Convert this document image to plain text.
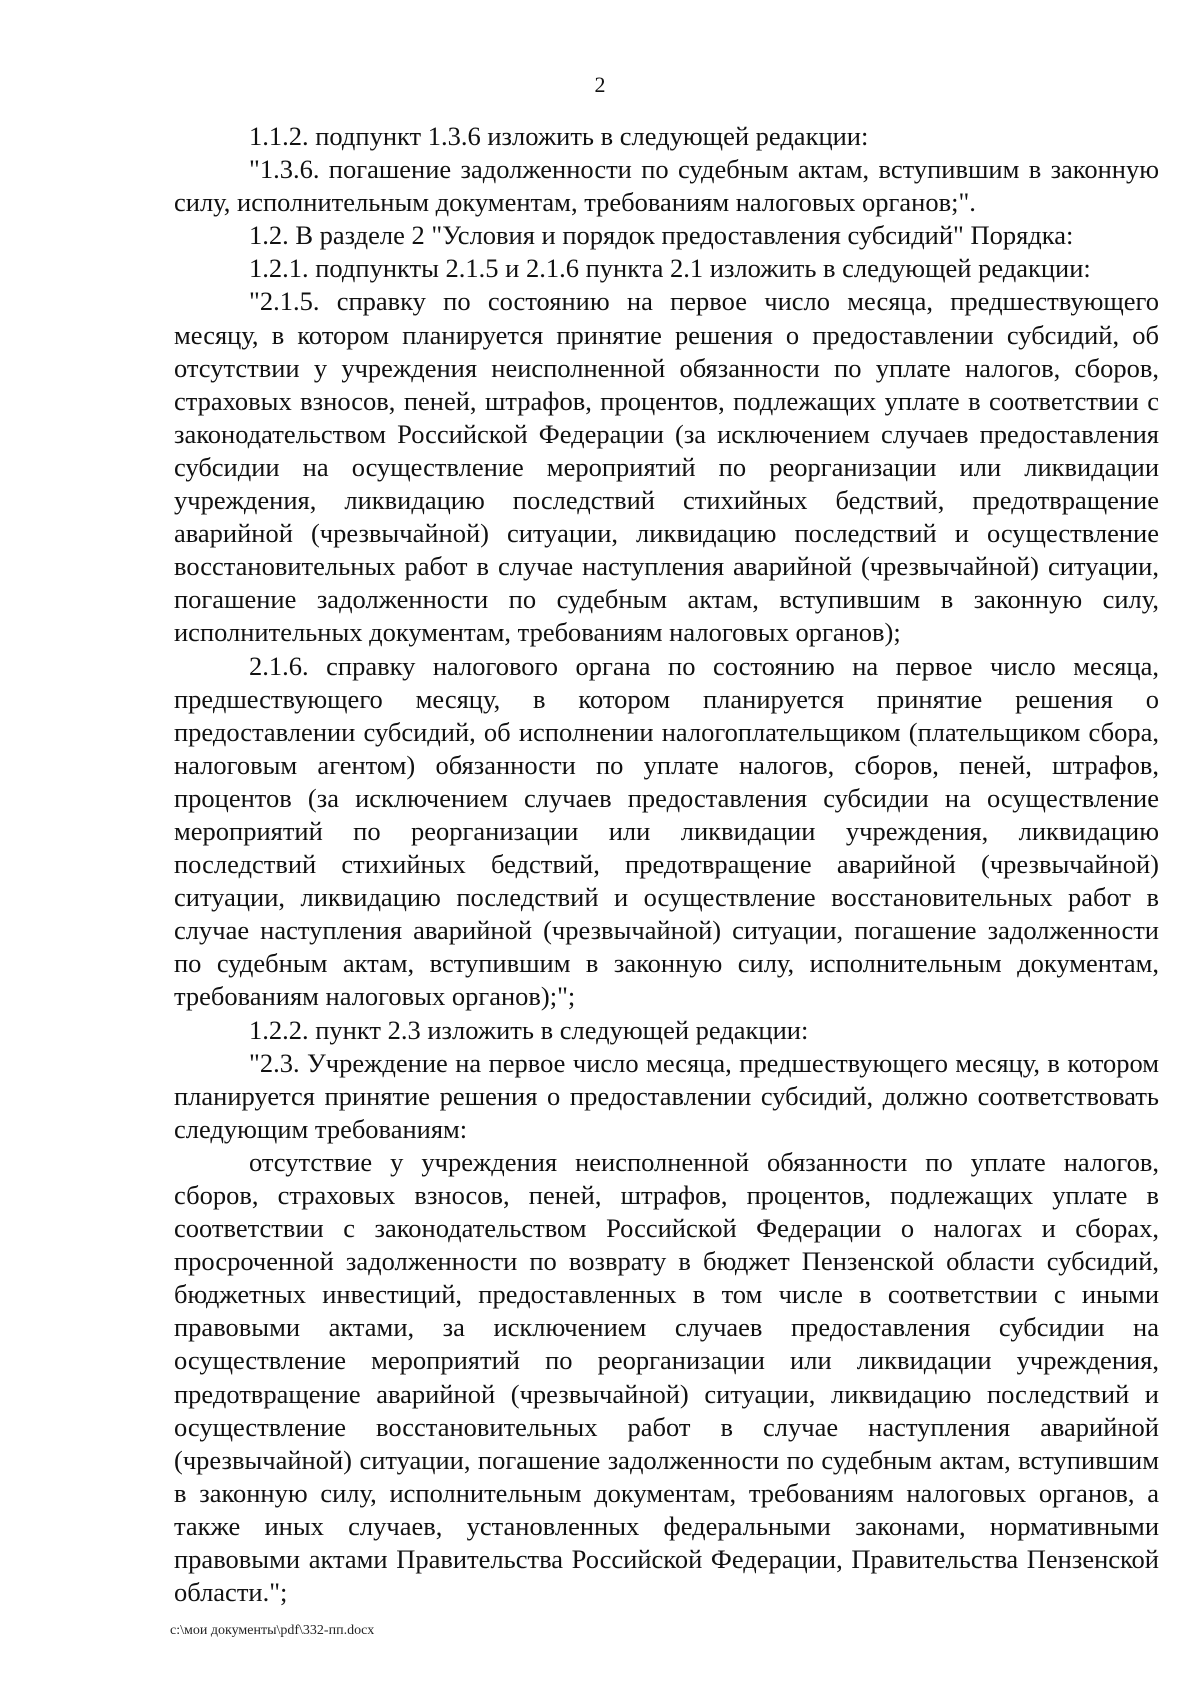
2

1.1.2. подпункт 1.3.6 изложить в следующей редакции:

"1.3.6. погашение задолженности по судебным актам, вступившим в законную силу, исполнительным документам, требованиям налоговых органов;".

1.2. В разделе 2 "Условия и порядок предоставления субсидий" Порядка:

1.2.1. подпункты 2.1.5 и 2.1.6 пункта 2.1 изложить в следующей редакции:

"2.1.5. справку по состоянию на первое число месяца, предшествующего месяцу, в котором планируется принятие решения о предоставлении субсидий, об отсутствии у учреждения неисполненной обязанности по уплате налогов, сборов, страховых взносов, пеней, штрафов, процентов, подлежащих уплате в соответствии с законодательством Российской Федерации (за исключением случаев предоставления субсидии на осуществление мероприятий по реорганизации или ликвидации учреждения, ликвидацию последствий стихийных бедствий, предотвращение аварийной (чрезвычайной) ситуации, ликвидацию последствий и осуществление восстановительных работ в случае наступления аварийной (чрезвычайной) ситуации, погашение задолженности по судебным актам, вступившим в законную силу, исполнительных документам, требованиям налоговых органов);

2.1.6. справку налогового органа по состоянию на первое число месяца, предшествующего месяцу, в котором планируется принятие решения о предоставлении субсидий, об исполнении налогоплательщиком (плательщиком сбора, налоговым агентом) обязанности по уплате налогов, сборов, пеней, штрафов, процентов (за исключением случаев предоставления субсидии на осуществление мероприятий по реорганизации или ликвидации учреждения, ликвидацию последствий стихийных бедствий, предотвращение аварийной (чрезвычайной) ситуации, ликвидацию последствий и осуществление восстановительных работ в случае наступления аварийной (чрезвычайной) ситуации, погашение задолженности по судебным актам, вступившим в законную силу, исполнительным документам, требованиям налоговых органов);";

1.2.2. пункт 2.3 изложить в следующей редакции:

"2.3. Учреждение на первое число месяца, предшествующего месяцу, в котором планируется принятие решения о предоставлении субсидий, должно соответствовать следующим требованиям:

отсутствие у учреждения неисполненной обязанности по уплате налогов, сборов, страховых взносов, пеней, штрафов, процентов, подлежащих уплате в соответствии с законодательством Российской Федерации о налогах и сборах, просроченной задолженности по возврату в бюджет Пензенской области субсидий, бюджетных инвестиций, предоставленных в том числе в соответствии с иными правовыми актами, за исключением случаев предоставления субсидии на осуществление мероприятий по реорганизации или ликвидации учреждения, предотвращение аварийной (чрезвычайной) ситуации, ликвидацию последствий и осуществление восстановительных работ в случае наступления аварийной (чрезвычайной) ситуации, погашение задолженности по судебным актам, вступившим в законную силу, исполнительным документам, требованиям налоговых органов, а также иных случаев, установленных федеральными законами, нормативными правовыми актами Правительства Российской Федерации, Правительства Пензенской области.";

c:\мои документы\pdf\332-пп.docx
